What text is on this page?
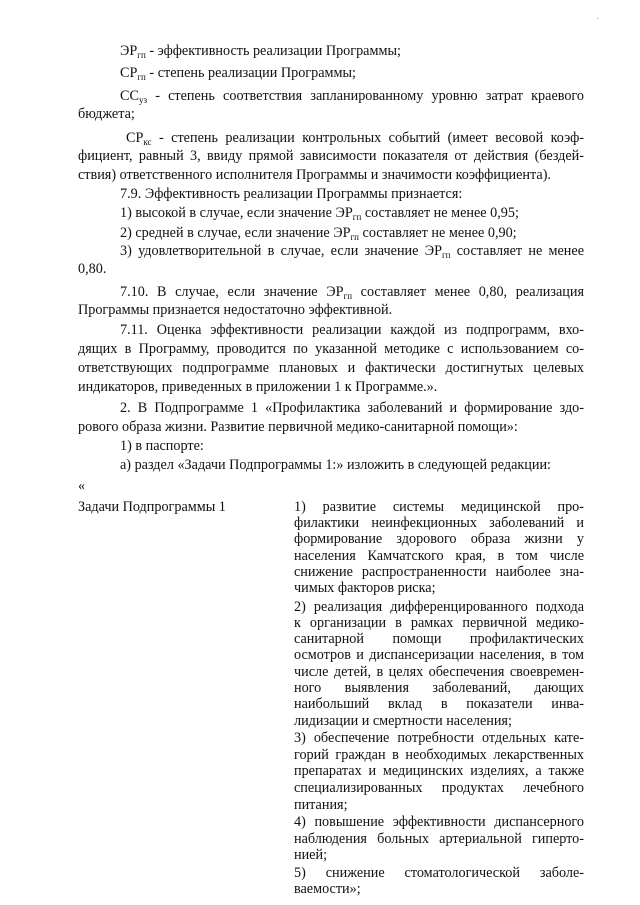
·
$ЭР_{гп}$ - эффективность реализации Программы;
$СР_{гп}$ - степень реализации Программы;
$СС_{уз}$ - степень соответствия запланированному уровню затрат краевого
бюджета;
$СР_{кс}$ - степень реализации контрольных событий (имеет весовой коэф-
фициент, равный 3, ввиду прямой зависимости показателя от действия (бездей-
ствия) ответственного исполнителя Программы и значимости коэффициента).
7.9. Эффективность реализации Программы признается:
1) высокой в случае, если значение $ЭР_{гп}$ составляет не менее 0,95;
2) средней в случае, если значение $ЭР_{гп}$ составляет не менее 0,90;
3) удовлетворительной в случае, если значение $ЭР_{гп}$ составляет не менее
0,80.
7.10. В случае, если значение $ЭР_{гп}$ составляет менее 0,80, реализация
Программы признается недостаточно эффективной.
7.11. Оценка эффективности реализации каждой из подпрограмм, вхо-
дящих в Программу, проводится по указанной методике с использованием со-
ответствующих подпрограмме плановых и фактически достигнутых целевых
индикаторов, приведенных в приложении 1 к Программе.».
2. В Подпрограмме 1 «Профилактика заболеваний и формирование здо-
рового образа жизни. Развитие первичной медико-санитарной помощи»:
1) в паспорте:
а) раздел «Задачи Подпрограммы 1:» изложить в следующей редакции:
«
Задачи Подпрограммы 1	1) развитие системы медицинской про-
филактики неинфекционных заболеваний и
формирование здорового образа жизни у
населения Камчатского края, в том числе
снижение распространенности наиболее зна-
чимых факторов риска;
2) реализация дифференцированного подхода
к организации в рамках первичной медико-
санитарной помощи профилактических
осмотров и диспансеризации населения, в том
числе детей, в целях обеспечения своевремен-
ного выявления заболеваний, дающих
наибольший вклад в показатели инва-
лидизации и смертности населения;
3) обеспечение потребности отдельных кате-
горий граждан в необходимых лекарственных
препаратах и медицинских изделиях, а также
специализированных продуктах лечебного
питания;
4) повышение эффективности диспансерного
наблюдения больных артериальной гиперто-
нией;
5) снижение стоматологической заболе-
ваемости»;
